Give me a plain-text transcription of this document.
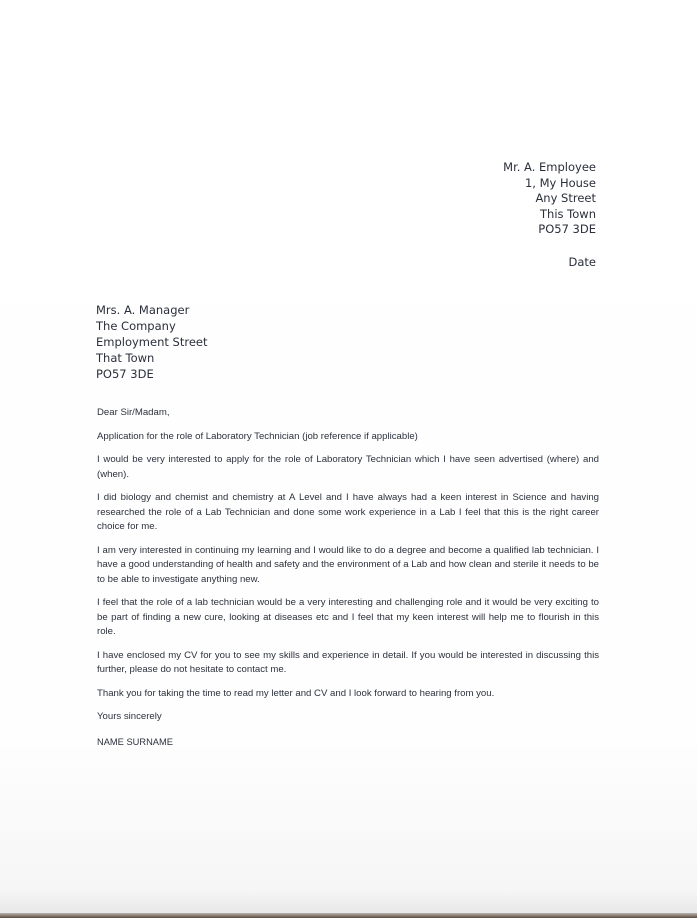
Mr. A. Employee
1, My House
Any Street
This Town
PO57 3DE
Date
Mrs. A. Manager
The Company
Employment Street
That Town
PO57 3DE

Dear Sir/Madam,

Application for the role of Laboratory Technician (job reference if applicable)

I would be very interested to apply for the role of Laboratory Technician which I have seen advertised (where) and (when).

I did biology and chemist and chemistry at A Level and I have always had a keen interest in Science and having researched the role of a Lab Technician and done some work experience in a Lab I feel that this is the right career choice for me.

I am very interested in continuing my learning and I would like to do a degree and become a qualified lab technician. I have a good understanding of health and safety and the environment of a Lab and how clean and sterile it needs to be to be able to investigate anything new.

I feel that the role of a lab technician would be a very interesting and challenging role and it would be very exciting to be part of finding a new cure, looking at diseases etc and I feel that my keen interest will help me to flourish in this role.

I have enclosed my CV for you to see my skills and experience in detail. If you would be interested in discussing this further, please do not hesitate to contact me.

Thank you for taking the time to read my letter and CV and I look forward to hearing from you.

Yours sincerely

NAME SURNAME
